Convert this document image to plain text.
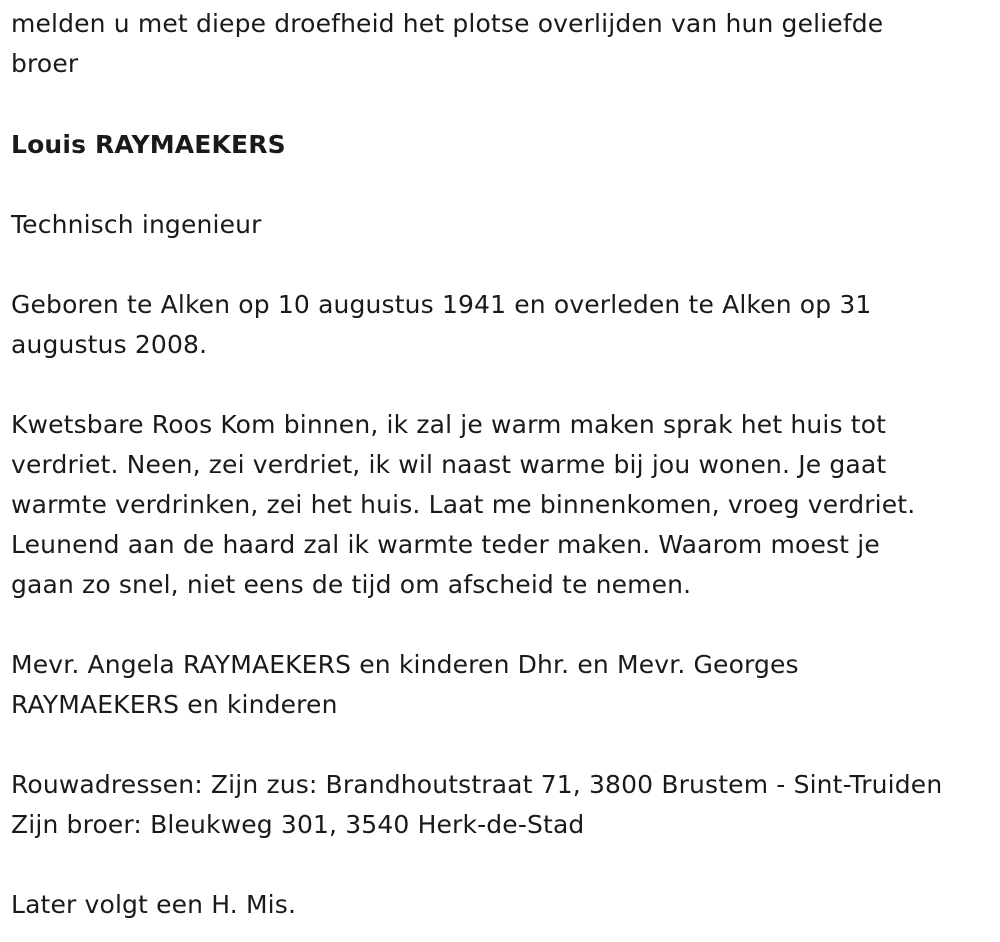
melden u met diepe droefheid het plotse overlijden van hun geliefde
broer

Louis RAYMAEKERS

Technisch ingenieur

Geboren te Alken op 10 augustus 1941 en overleden te Alken op 31
augustus 2008.

Kwetsbare Roos Kom binnen, ik zal je warm maken sprak het huis tot
verdriet. Neen, zei verdriet, ik wil naast warme bij jou wonen. Je gaat
warmte verdrinken, zei het huis. Laat me binnenkomen, vroeg verdriet.
Leunend aan de haard zal ik warmte teder maken. Waarom moest je
gaan zo snel, niet eens de tijd om afscheid te nemen.

Mevr. Angela RAYMAEKERS en kinderen Dhr. en Mevr. Georges
RAYMAEKERS en kinderen

Rouwadressen: Zijn zus: Brandhoutstraat 71, 3800 Brustem - Sint-Truiden
Zijn broer: Bleukweg 301, 3540 Herk-de-Stad

Later volgt een H. Mis.
